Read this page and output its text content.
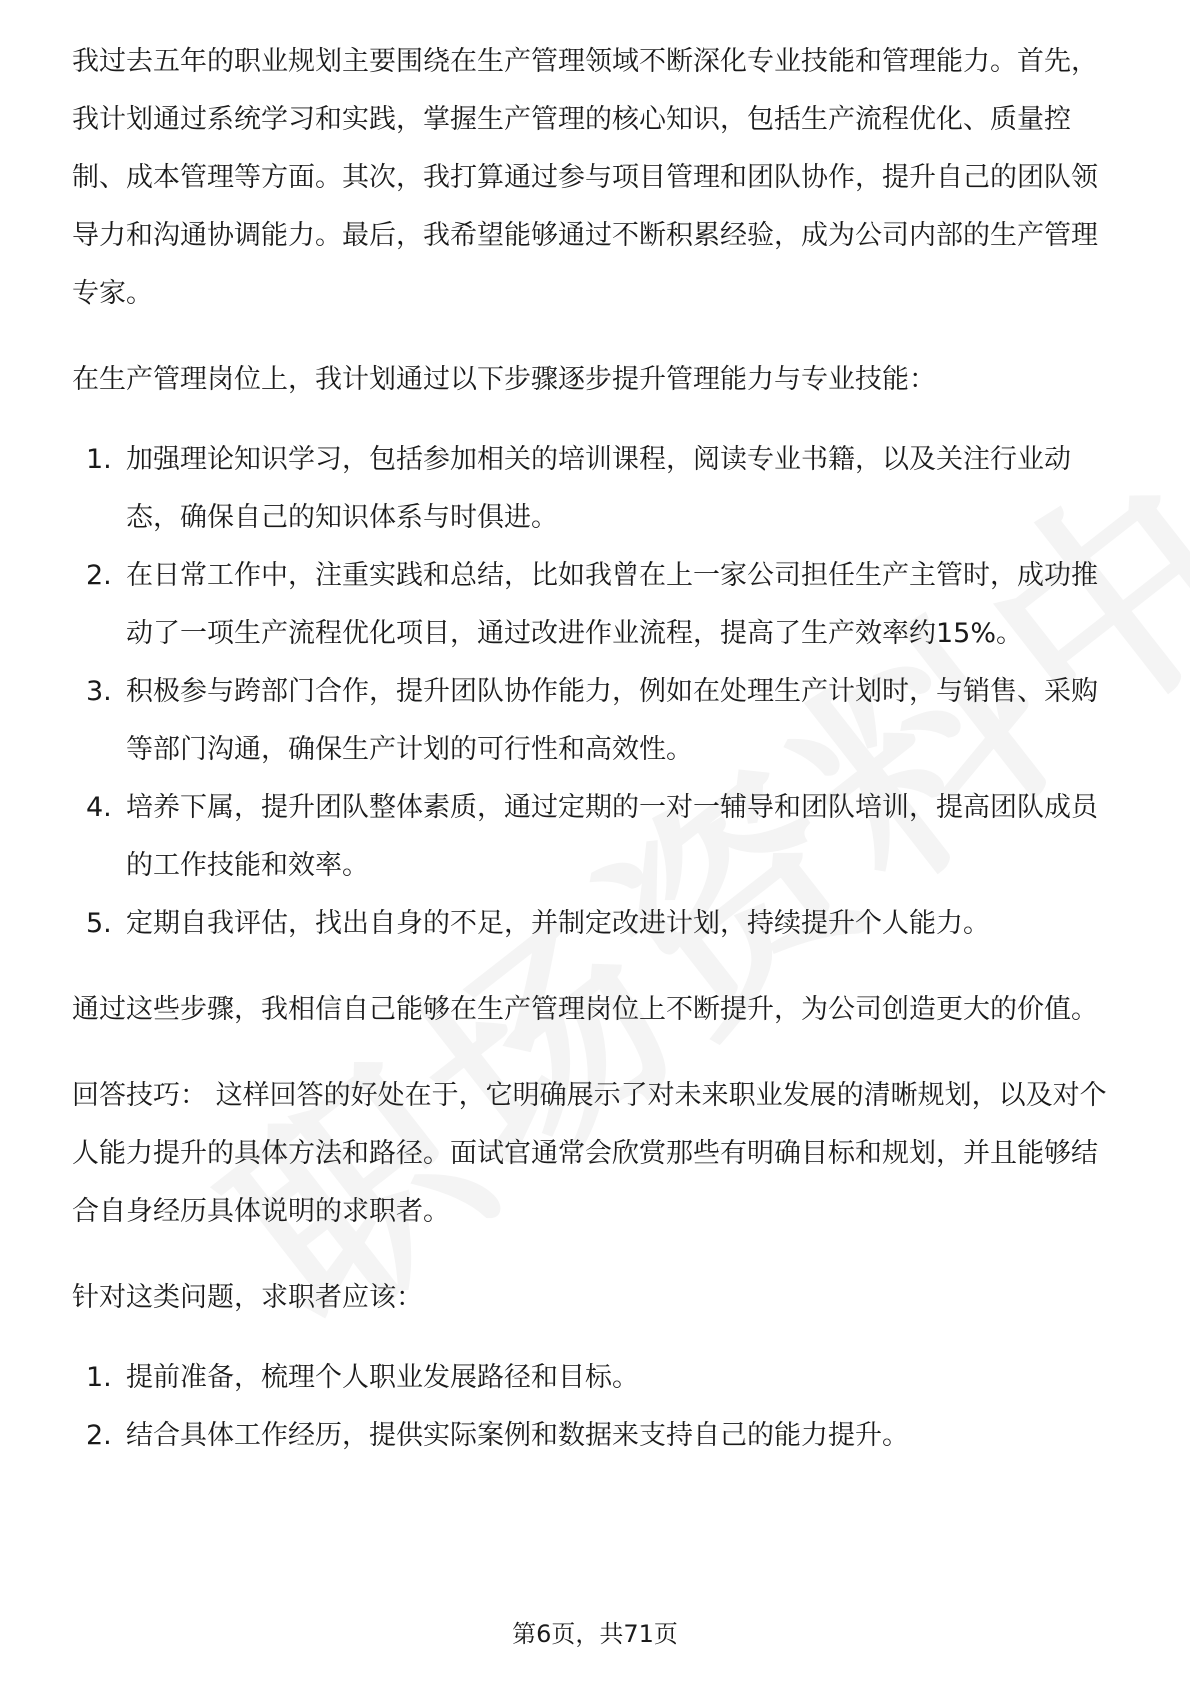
我过去五年的职业规划主要围绕在生产管理领域不断深化专业技能和管理能力。首先，我计划通过系统学习和实践，掌握生产管理的核心知识，包括生产流程优化、质量控制、成本管理等方面。其次，我打算通过参与项目管理和团队协作，提升自己的团队领导力和沟通协调能力。最后，我希望能够通过不断积累经验，成为公司内部的生产管理专家。

在生产管理岗位上，我计划通过以下步骤逐步提升管理能力与专业技能：

1. 加强理论知识学习，包括参加相关的培训课程，阅读专业书籍，以及关注行业动态，确保自己的知识体系与时俱进。
2. 在日常工作中，注重实践和总结，比如我曾在上一家公司担任生产主管时，成功推动了一项生产流程优化项目，通过改进作业流程，提高了生产效率约15%。
3. 积极参与跨部门合作，提升团队协作能力，例如在处理生产计划时，与销售、采购等部门沟通，确保生产计划的可行性和高效性。
4. 培养下属，提升团队整体素质，通过定期的一对一辅导和团队培训，提高团队成员的工作技能和效率。
5. 定期自我评估，找出自身的不足，并制定改进计划，持续提升个人能力。

通过这些步骤，我相信自己能够在生产管理岗位上不断提升，为公司创造更大的价值。

回答技巧： 这样回答的好处在于，它明确展示了对未来职业发展的清晰规划，以及对个人能力提升的具体方法和路径。面试官通常会欣赏那些有明确目标和规划，并且能够结合自身经历具体说明的求职者。

针对这类问题，求职者应该：

1. 提前准备，梳理个人职业发展路径和目标。
2. 结合具体工作经历，提供实际案例和数据来支持自己的能力提升。
第6页，共71页
